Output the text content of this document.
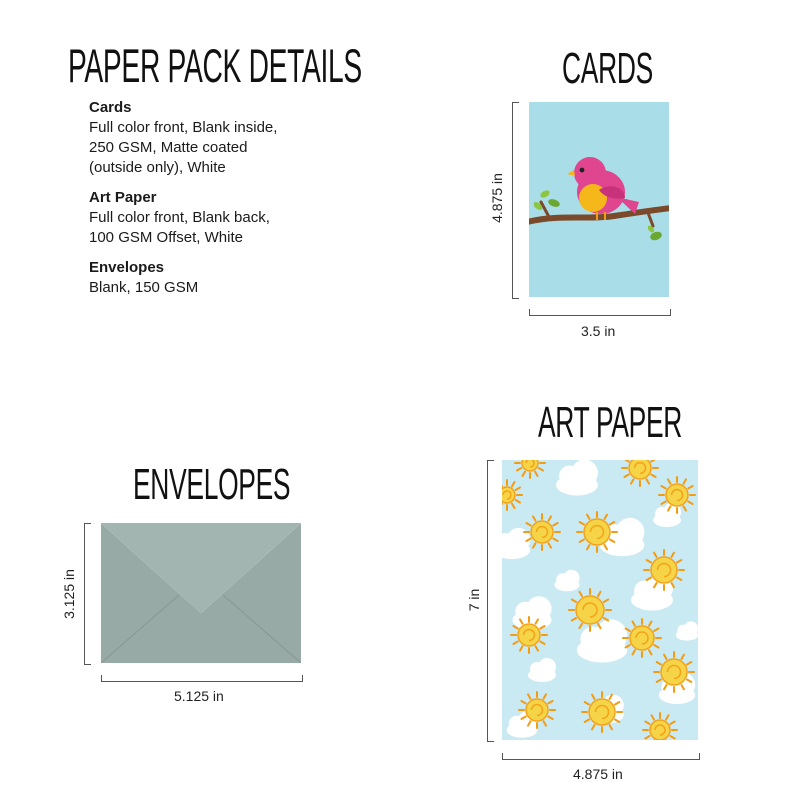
PAPER PACK DETAILS
Cards
Full color front, Blank inside,
250 GSM, Matte coated
(outside only), White
Art Paper
Full color front, Blank back,
100 GSM Offset, White
Envelopes
Blank, 150 GSM
CARDS
4.875 in
3.5 in
ENVELOPES
3.125 in
5.125 in
ART PAPER
7 in
4.875 in
